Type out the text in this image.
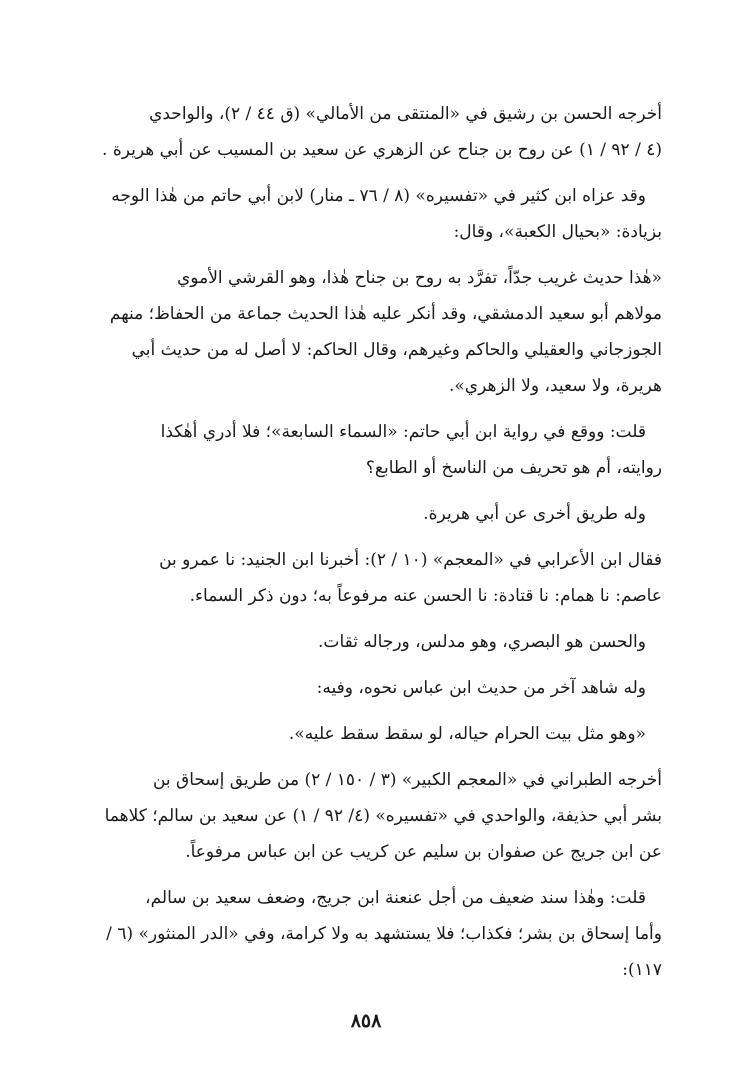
أخرجه الحسن بن رشيق في «المنتقى من الأمالي» (ق ٤٤ / ٢)، والواحدي
(٤ / ٩٢ / ١) عن روح بن جناح عن الزهري عن سعيد بن المسيب عن أبي هريرة .
وقد عزاه ابن كثير في «تفسيره» (٨ / ٧٦ ـ منار) لابن أبي حاتم من هٰذا الوجه
بزيادة: «بحيال الكعبة»، وقال:
«هٰذا حديث غريب جدّاً، تفرَّد به روح بن جناح هٰذا، وهو القرشي الأموي
مولاهم أبو سعيد الدمشقي، وقد أنكر عليه هٰذا الحديث جماعة من الحفاظ؛ منهم
الجوزجاني والعقيلي والحاكم وغيرهم، وقال الحاكم: لا أصل له من حديث أبي
هريرة، ولا سعيد، ولا الزهري».
قلت: ووقع في رواية ابن أبي حاتم: «السماء السابعة»؛ فلا أدري أهٰكذا
روايته، أم هو تحريف من الناسخ أو الطابع؟
وله طريق أخرى عن أبي هريرة.
فقال ابن الأعرابي في «المعجم» (١٠ / ٢): أخبرنا ابن الجنيد: نا عمرو بن
عاصم: نا همام: نا قتادة: نا الحسن عنه مرفوعاً به؛ دون ذكر السماء.
والحسن هو البصري، وهو مدلس، ورجاله ثقات.
وله شاهد آخر من حديث ابن عباس نحوه، وفيه:
«وهو مثل بيت الحرام حياله، لو سقط سقط عليه».
أخرجه الطبراني في «المعجم الكبير» (٣ / ١٥٠ / ٢) من طريق إسحاق بن
بشر أبي حذيفة، والواحدي في «تفسيره» (٤/ ٩٢ / ١) عن سعيد بن سالم؛ كلاهما
عن ابن جريج عن صفوان بن سليم عن كريب عن ابن عباس مرفوعاً.
قلت: وهٰذا سند ضعيف من أجل عنعنة ابن جريج، وضعف سعيد بن سالم،
وأما إسحاق بن بشر؛ فكذاب؛ فلا يستشهد به ولا كرامة، وفي «الدر المنثور» (٦ /
١١٧):
٨٥٨
